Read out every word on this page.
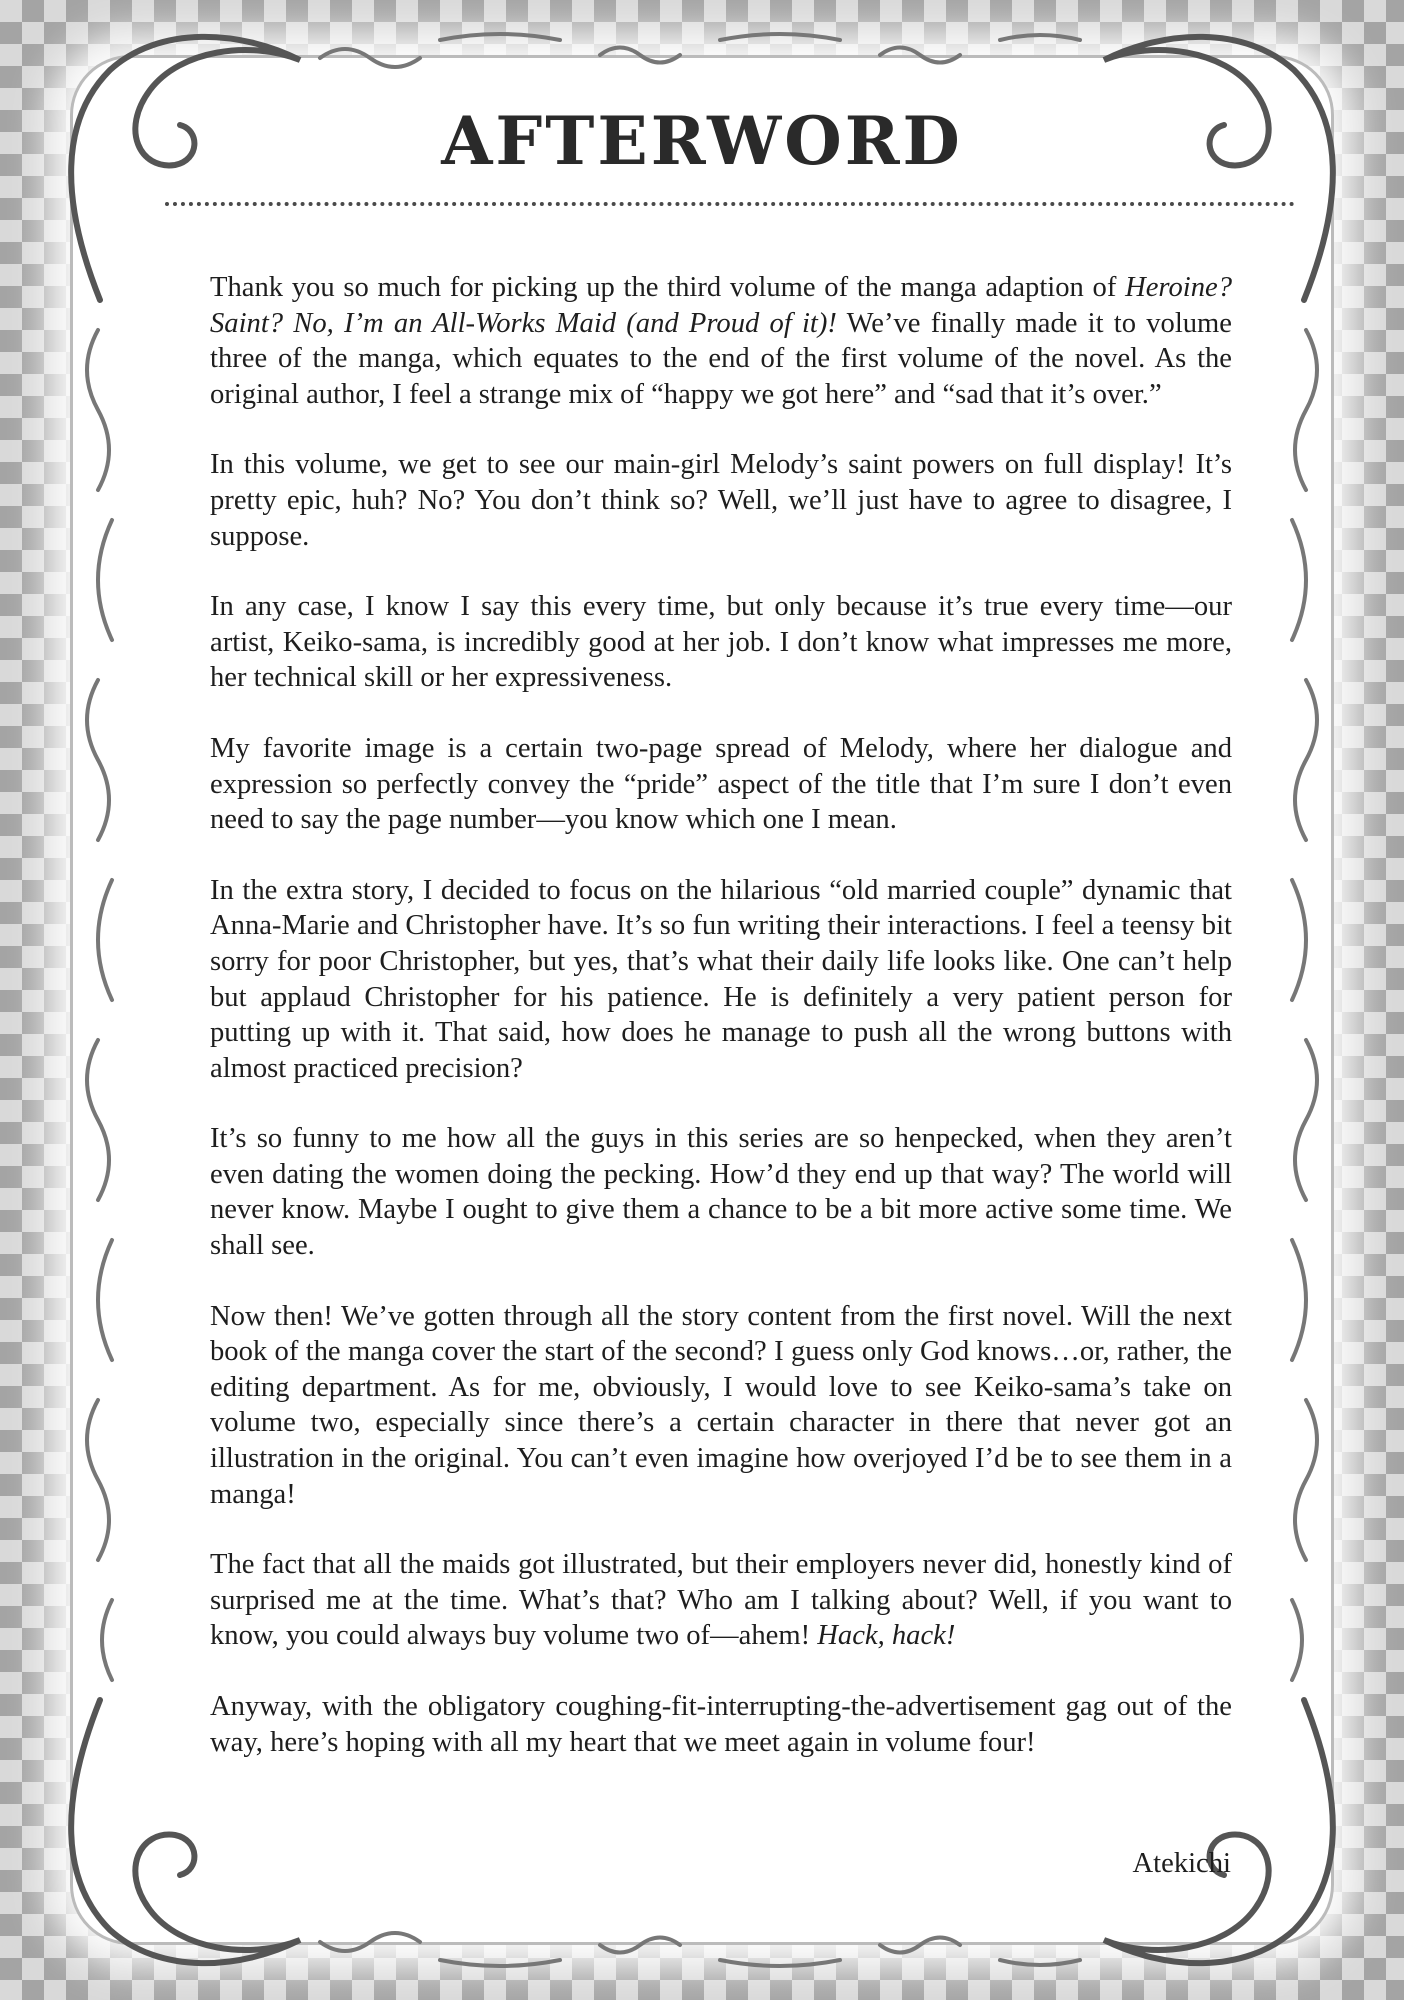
AFTERWORD

Thank you so much for picking up the third volume of the manga adaption of Heroine? Saint? No, I’m an All-Works Maid (and Proud of it)! We’ve finally made it to volume three of the manga, which equates to the end of the first volume of the novel. As the original author, I feel a strange mix of “happy we got here” and “sad that it’s over.”

In this volume, we get to see our main-girl Melody’s saint powers on full display! It’s pretty epic, huh? No? You don’t think so? Well, we’ll just have to agree to disagree, I suppose.

In any case, I know I say this every time, but only because it’s true every time—our artist, Keiko-sama, is incredibly good at her job. I don’t know what impresses me more, her technical skill or her expressiveness.

My favorite image is a certain two-page spread of Melody, where her dialogue and expression so perfectly convey the “pride” aspect of the title that I’m sure I don’t even need to say the page number—you know which one I mean.

In the extra story, I decided to focus on the hilarious “old married couple” dynamic that Anna-Marie and Christopher have. It’s so fun writing their interactions. I feel a teensy bit sorry for poor Christopher, but yes, that’s what their daily life looks like. One can’t help but applaud Christopher for his patience. He is definitely a very patient person for putting up with it. That said, how does he manage to push all the wrong buttons with almost practiced precision?

It’s so funny to me how all the guys in this series are so henpecked, when they aren’t even dating the women doing the pecking. How’d they end up that way? The world will never know. Maybe I ought to give them a chance to be a bit more active some time. We shall see.

Now then! We’ve gotten through all the story content from the first novel. Will the next book of the manga cover the start of the second? I guess only God knows…or, rather, the editing department. As for me, obviously, I would love to see Keiko-sama’s take on volume two, especially since there’s a certain character in there that never got an illustration in the original. You can’t even imagine how overjoyed I’d be to see them in a manga!

The fact that all the maids got illustrated, but their employers never did, honestly kind of surprised me at the time. What’s that? Who am I talking about? Well, if you want to know, you could always buy volume two of—ahem! Hack, hack!

Anyway, with the obligatory coughing-fit-interrupting-the-advertisement gag out of the way, here’s hoping with all my heart that we meet again in volume four!

Atekichi
